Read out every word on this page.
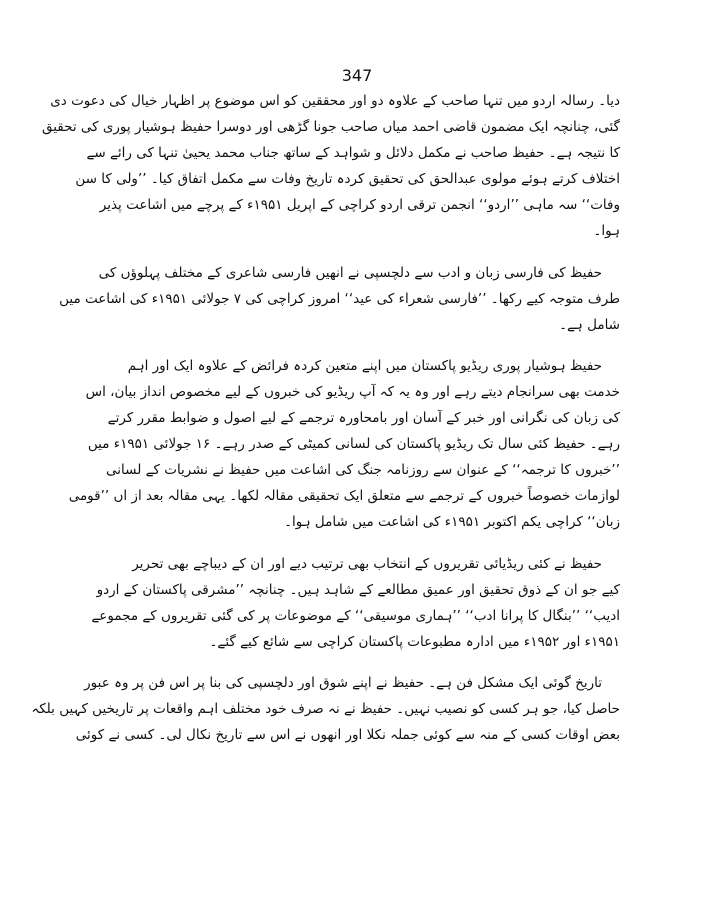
347
دیا۔ رسالہ اردو میں تنہا صاحب کے علاوہ دو اور محققین کو اس موضوع پر اظہار خیال کی دعوت دی
گئی، چنانچہ ایک مضمون قاضی احمد میاں صاحب جونا گڑھی اور دوسرا حفیظ ہوشیار پوری کی تحقیق
کا نتیجہ ہے۔ حفیظ صاحب نے مکمل دلائل و شواہد کے ساتھ جناب محمد یحییٰ تنہا کی رائے سے
اختلاف کرتے ہوئے مولوی عبدالحق کی تحقیق کردہ تاریخ وفات سے مکمل اتفاق کیا۔ ’’ولی کا سن
وفات‘‘ سہ ماہی ’’اردو‘‘ انجمن ترقی اردو کراچی کے اپریل ۱۹۵۱ء کے پرچے میں اشاعت پذیر
ہوا۔
حفیظ کی فارسی زبان و ادب سے دلچسپی نے انھیں فارسی شاعری کے مختلف پہلوؤں کی
طرف متوجہ کیے رکھا۔ ’’فارسی شعراء کی عید‘‘ امروز کراچی کی ۷ جولائی ۱۹۵۱ء کی اشاعت میں
شامل ہے۔
حفیظ ہوشیار پوری ریڈیو پاکستان میں اپنے متعین کردہ فرائض کے علاوہ ایک اور اہم
خدمت بھی سرانجام دیتے رہے اور وہ یہ کہ آپ ریڈیو کی خبروں کے لیے مخصوص انداز بیان، اس
کی زبان کی نگرانی اور خبر کے آسان اور بامحاورہ ترجمے کے لیے اصول و ضوابط مقرر کرتے
رہے۔ حفیظ کئی سال تک ریڈیو پاکستان کی لسانی کمیٹی کے صدر رہے۔ ۱۶ جولائی ۱۹۵۱ء میں
’’خبروں کا ترجمہ‘‘ کے عنوان سے روزنامہ جنگ کی اشاعت میں حفیظ نے نشریات کے لسانی
لوازمات خصوصاً خبروں کے ترجمے سے متعلق ایک تحقیقی مقالہ لکھا۔ یہی مقالہ بعد از اں ’’قومی
زبان‘‘ کراچی یکم اکتوبر ۱۹۵۱ء کی اشاعت میں شامل ہوا۔
حفیظ نے کئی ریڈیائی تقریروں کے انتخاب بھی ترتیب دیے اور ان کے دیباچے بھی تحریر
کیے جو ان کے ذوق تحقیق اور عمیق مطالعے کے شاہد ہیں۔ چنانچہ ’’مشرقی پاکستان کے اردو
ادیب‘‘ ’’بنگال کا پرانا ادب‘‘ ’’ہماری موسیقی‘‘ کے موضوعات پر کی گئی تقریروں کے مجموعے
۱۹۵۱ء اور ۱۹۵۲ء میں ادارہ مطبوعات پاکستان کراچی سے شائع کیے گئے۔
تاریخ گوئی ایک مشکل فن ہے۔ حفیظ نے اپنے شوق اور دلچسپی کی بنا پر اس فن پر وہ عبور
حاصل کیا، جو ہر کسی کو نصیب نہیں۔ حفیظ نے نہ صرف خود مختلف اہم واقعات پر تاریخیں کہیں بلکہ
بعض اوقات کسی کے منہ سے کوئی جملہ نکلا اور انھوں نے اس سے تاریخ نکال لی۔ کسی نے کوئی
